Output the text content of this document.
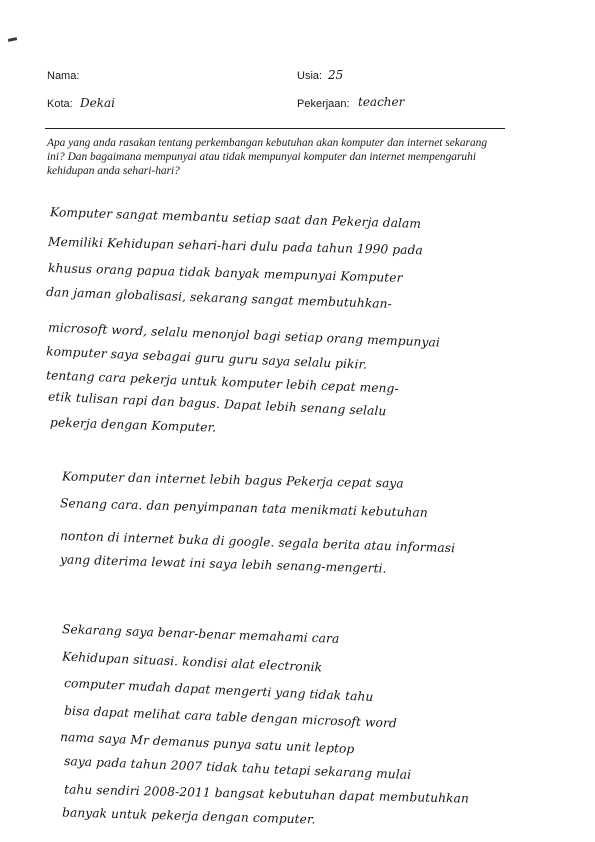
Nama:	Usia: 25
Kota: Dekai	Pekerjaan: teacher
Apa yang anda rasakan tentang perkembangan kebutuhan akan komputer dan internet sekarang ini? Dan bagaimana mempunyai atau tidak mempunyai komputer dan internet mempengaruhi kehidupan anda sehari-hari?
Komputer sangat membantu setiap saat dan Pekerja dalam
Memiliki Kehidupan sehari-hari dulu pada tahun 1990 pada
khusus orang papua tidak banyak mempunyai Komputer
dan jaman globalisasi, sekarang sangat membutuhkan-
microsoft word, selalu menonjol bagi setiap orang mempunyai
komputer saya sebagai guru guru saya selalu pikir.
tentang cara pekerja untuk komputer lebih cepat meng-
etik tulisan rapi dan bagus. Dapat lebih senang selalu
pekerja dengan Komputer.
Komputer dan internet lebih bagus Pekerja cepat saya
Senang cara. dan penyimpanan tata menikmati kebutuhan
nonton di internet buka di google. segala berita atau informasi
yang diterima lewat ini saya lebih senang-mengerti.
Sekarang saya benar-benar memahami cara
Kehidupan situasi. kondisi alat electronik
computer mudah dapat mengerti yang tidak tahu
bisa dapat melihat cara table dengan microsoft word
nama saya Mr demanus punya satu unit leptop
saya pada tahun 2007 tidak tahu tetapi sekarang mulai
tahu sendiri 2008-2011 bangsat kebutuhan dapat membutuhkan
banyak untuk pekerja dengan computer.
